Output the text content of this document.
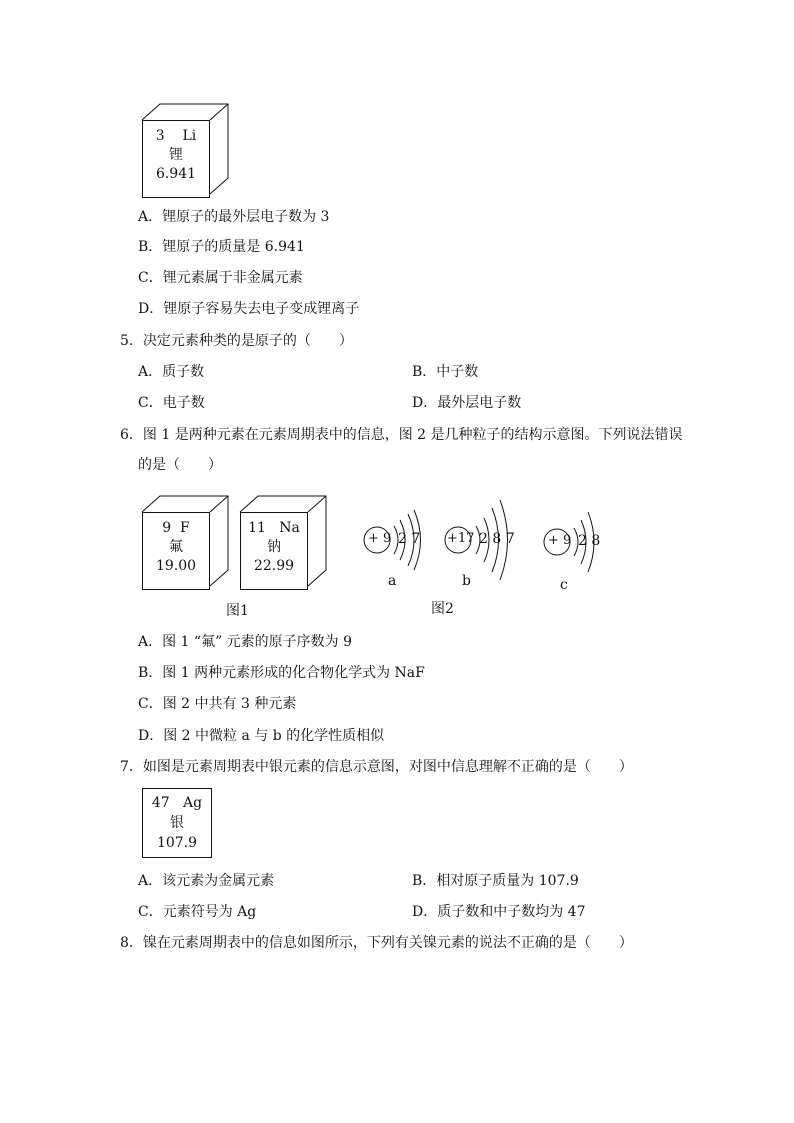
3 Li
锂
6.941
A．锂原子的最外层电子数为 3
B．锂原子的质量是 6.941
C．锂元素属于非金属元素
D．锂原子容易失去电子变成锂离子
5．决定元素种类的是原子的（　　）
A．质子数	B．中子数
C．电子数	D．最外层电子数
6．图 1 是两种元素在元素周期表中的信息，图 2 是几种粒子的结构示意图。下列说法错误
的是（　　）
9 F
氟
19.00
11 Na
钠
22.99
图1
+ 9 2 7
a
+17 2 8 7
b
+ 9 2 8
c
图2
A．图 1 “氟” 元素的原子序数为 9
B．图 1 两种元素形成的化合物化学式为 NaF
C．图 2 中共有 3 种元素
D．图 2 中微粒 a 与 b 的化学性质相似
7．如图是元素周期表中银元素的信息示意图，对图中信息理解不正确的是（　　）
47 Ag
银
107.9
A．该元素为金属元素	B．相对原子质量为 107.9
C．元素符号为 Ag	D．质子数和中子数均为 47
8．镍在元素周期表中的信息如图所示，下列有关镍元素的说法不正确的是（　　）
